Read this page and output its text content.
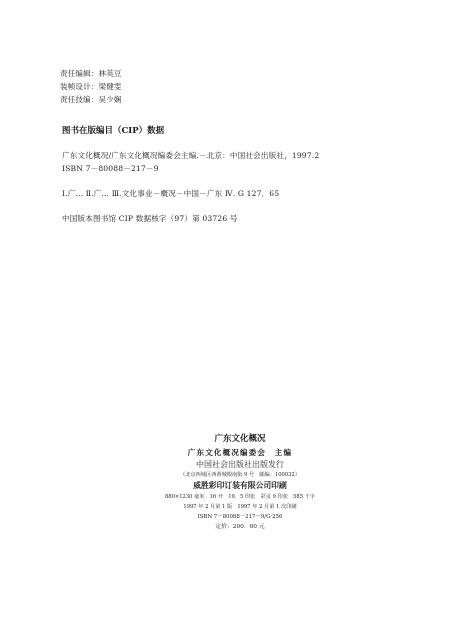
责任编辑：林英豆
装帧设计：梁健雯
责任技编：吴少娴
图书在版编目（CIP）数据
广东文化概况/广东文化概况编委会主编.－北京：中国社会出版社，1997.2
ISBN 7－80088－217－9
Ⅰ.广… Ⅱ.广… Ⅲ.文化事业－概况－中国－广东 Ⅳ. G 127．65
中国版本图书馆 CIP 数据核字（97）第 03726 号
广东文化概况
广东文化概况编委会　主编
中国社会出版社出版发行
（北京西城区西黄城根南街 9 号　邮编：100032）
威胜彩印订装有限公司印刷
880×1230 毫米　16 开　19．5 印张　彩页 9 印张　585 千字
1997 年 2 月第 1 版　1997 年 2 月第 1 次印刷
ISBN 7－80088－217－9/G·256
定价：200．00 元
